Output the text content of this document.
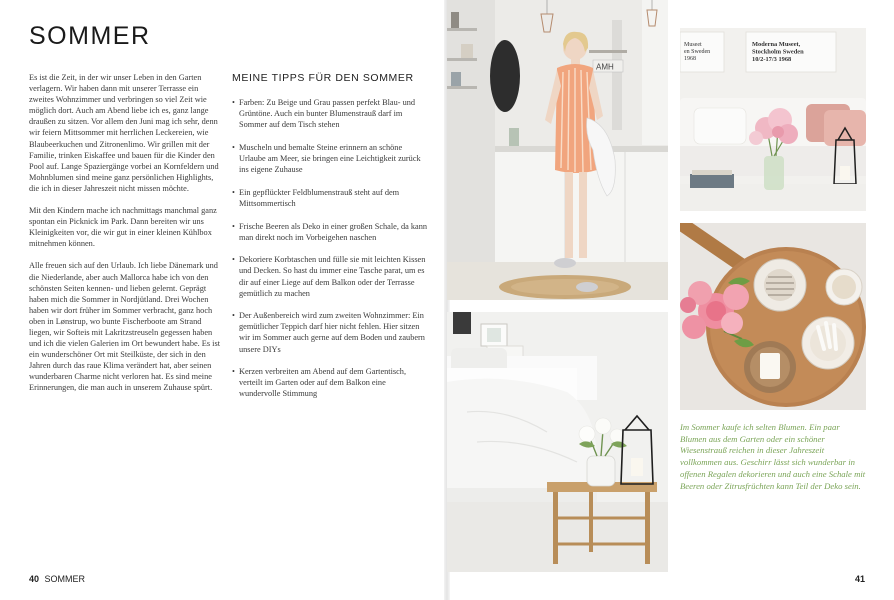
SOMMER

Es ist die Zeit, in der wir unser Leben in den Garten verlagern. Wir haben dann mit unserer Terrasse ein zweites Wohnzimmer und verbringen so viel Zeit wie möglich dort. Auch am Abend liebe ich es, ganz lange draußen zu sitzen. Vor allem den Juni mag ich sehr, denn wir feiern Mittsommer mit herrlichen Leckereien, wie Blaubeerkuchen und Zitronenlimo. Wir grillen mit der Familie, trinken Eiskaffee und bauen für die Kinder den Pool auf. Lange Spaziergänge vorbei an Kornfeldern und Mohnblumen sind meine ganz persönlichen Highlights, die ich in dieser Jahreszeit nicht missen möchte.

Mit den Kindern mache ich nachmittags manchmal ganz spontan ein Picknick im Park. Dann bereiten wir uns Kleinigkeiten vor, die wir gut in einer kleinen Kühlbox mitnehmen können.

Alle freuen sich auf den Urlaub. Ich liebe Dänemark und die Niederlande, aber auch Mallorca habe ich von den schönsten Seiten kennen- und lieben gelernt. Geprägt haben mich die Sommer in Nordjütland. Drei Wochen haben wir dort früher im Sommer verbracht, ganz hoch oben in Lønstrup, wo bunte Fischerboote am Strand liegen, wir Softeis mit Lakritzstreuseln gegessen haben und ich die vielen Galerien im Ort bewundert habe. Es ist ein wunderschöner Ort mit Steilküste, der sich in den Jahren durch das raue Klima verändert hat, aber seinen wunderbaren Charme nicht verloren hat. Es sind meine Erinnerungen, die man auch in unserem Zuhause spürt.

MEINE TIPPS FÜR DEN SOMMER
• Farben: Zu Beige und Grau passen perfekt Blau- und Grüntöne. Auch ein bunter Blumenstrauß darf im Sommer auf dem Tisch stehen
• Muscheln und bemalte Steine erinnern an schöne Urlaube am Meer, sie bringen eine Leichtigkeit zurück ins eigene Zuhause
• Ein gepflückter Feldblumenstrauß steht auf dem Mittsommertisch
• Frische Beeren als Deko in einer großen Schale, da kann man direkt noch im Vorbeigehen naschen
• Dekoriere Korbtaschen und fülle sie mit leichten Kissen und Decken. So hast du immer eine Tasche parat, um es dir auf einer Liege auf dem Balkon oder der Terrasse gemütlich zu machen
• Der Außenbereich wird zum zweiten Wohnzimmer: Ein gemütlicher Teppich darf hier nicht fehlen. Hier sitzen wir im Sommer auch gerne auf dem Boden und zaubern unsere DIYs
• Kerzen verbreiten am Abend auf dem Gartentisch, verteilt im Garten oder auf dem Balkon eine wundervolle Stimmung
40 SOMMER
AMH
Museet en Sweden 1968
Moderna Museet, Stockholm Sweden 10/2-17/3 1968
Im Sommer kaufe ich selten Blumen. Ein paar Blumen aus dem Garten oder ein schöner Wiesenstrauß reichen in dieser Jahreszeit vollkommen aus. Geschirr lässt sich wunderbar in offenen Regalen dekorieren und auch eine Schale mit Beeren oder Zitrusfrüchten kann Teil der Deko sein.
41
